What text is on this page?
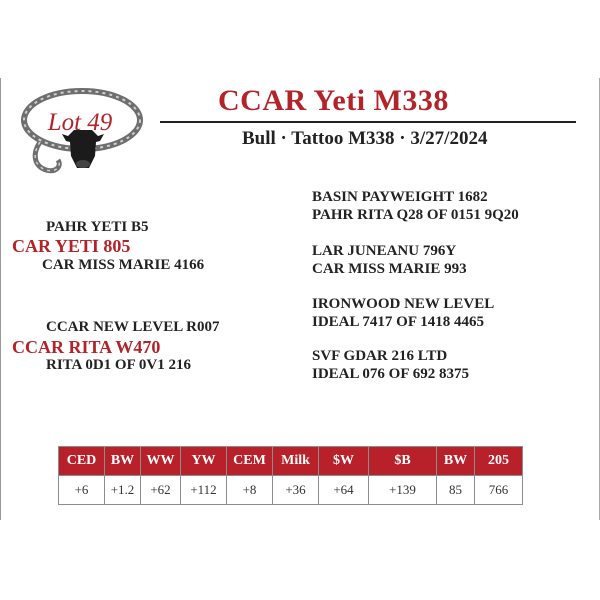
Lot 49
CCAR Yeti M338
Bull · Tattoo M338 · 3/27/2024
PAHR YETI B5
CAR YETI 805
CAR MISS MARIE 4166
CCAR NEW LEVEL R007
CCAR RITA W470
RITA 0D1 OF 0V1 216
BASIN PAYWEIGHT 1682
PAHR RITA Q28 OF 0151 9Q20
LAR JUNEANU 796Y
CAR MISS MARIE 993
IRONWOOD NEW LEVEL
IDEAL 7417 OF 1418 4465
SVF GDAR 216 LTD
IDEAL 076 OF 692 8375
CED	BW	WW	YW	CEM	Milk	$W	$B	BW	205
+6	+1.2	+62	+112	+8	+36	+64	+139	85	766
